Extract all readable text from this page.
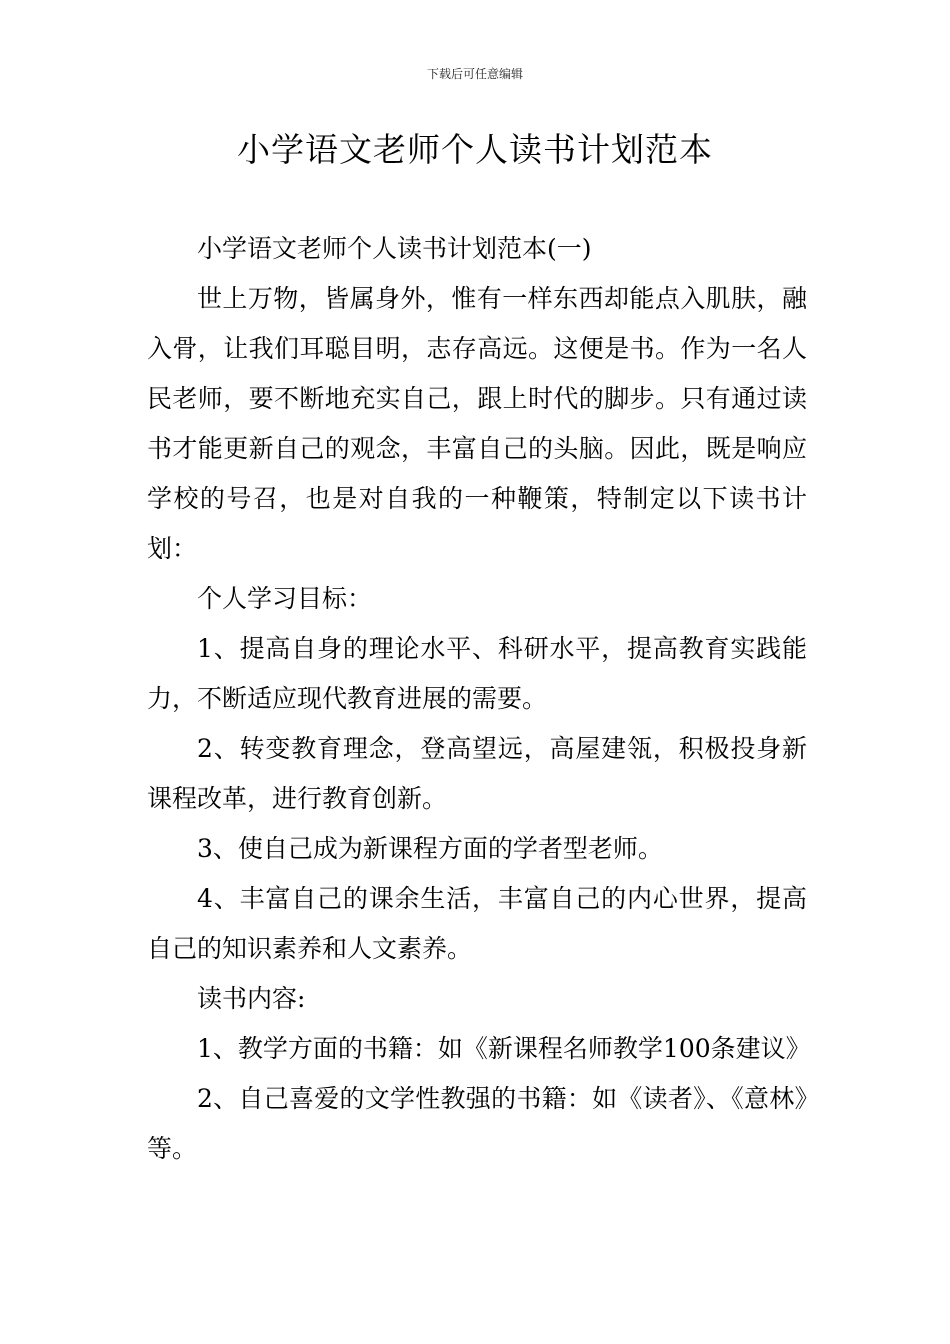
下载后可任意编辑
小学语文老师个人读书计划范本

小学语文老师个人读书计划范本(一)

世上万物，皆属身外，惟有一样东西却能点入肌肤，融入骨，让我们耳聪目明，志存高远。这便是书。作为一名人民老师，要不断地充实自己，跟上时代的脚步。只有通过读书才能更新自己的观念，丰富自己的头脑。因此，既是响应学校的号召，也是对自我的一种鞭策，特制定以下读书计划：

个人学习目标：

1、提高自身的理论水平、科研水平，提高教育实践能力，不断适应现代教育进展的需要。

2、转变教育理念，登高望远，高屋建瓴，积极投身新课程改革，进行教育创新。

3、使自己成为新课程方面的学者型老师。

4、丰富自己的课余生活，丰富自己的内心世界，提高自己的知识素养和人文素养。

读书内容:

1、教学方面的书籍：如《新课程名师教学100条建议》

2、自己喜爱的文学性教强的书籍：如《读者》、《意林》等。
